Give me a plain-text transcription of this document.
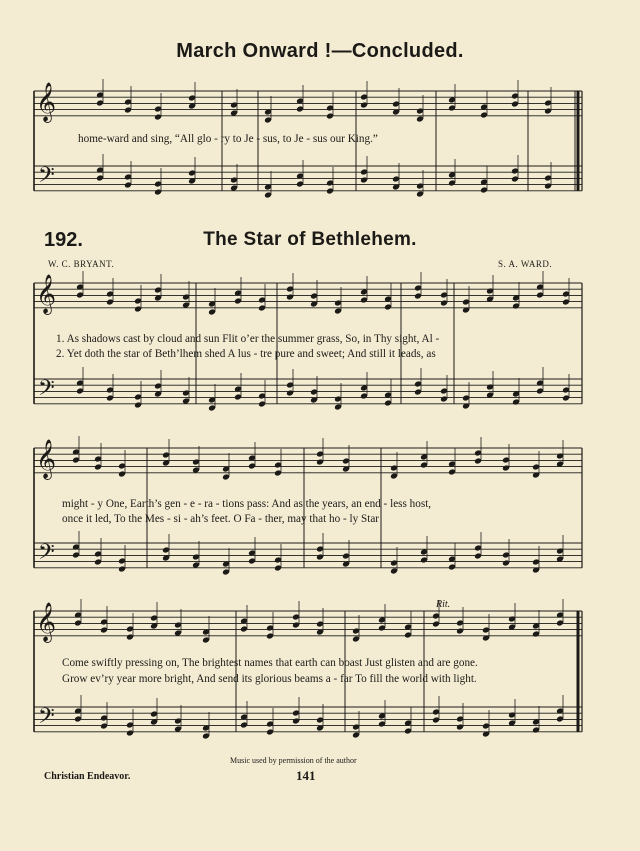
March Onward !—Concluded.
home-ward and sing, “All glo - ry to Je - sus, to Je - sus our King.”
192.	The Star of Bethlehem.
W. C. BRYANT.	S. A. WARD.
1. As shadows cast by cloud and sun Flit o’er the summer grass, So, in Thy sight, Al -
2. Yet doth the star of Beth’lhem shed A lus - tre pure and sweet; And still it leads, as
might - y One, Earth’s gen - e - ra - tions pass: And as the years, an end - less host,
once it led, To the Mes - si - ah’s feet. O Fa - ther, may that ho - ly Star
Rit.
Come swiftly pressing on, The brightest names that earth can boast Just glisten and are gone.
Grow ev’ry year more bright, And send its glorious beams a - far To fill the world with light.
Music used by permission of the author
141
Christian Endeavor.
𝄞
𝄢
𝄞
𝄢
𝄞
𝄢
𝄞
𝄢
